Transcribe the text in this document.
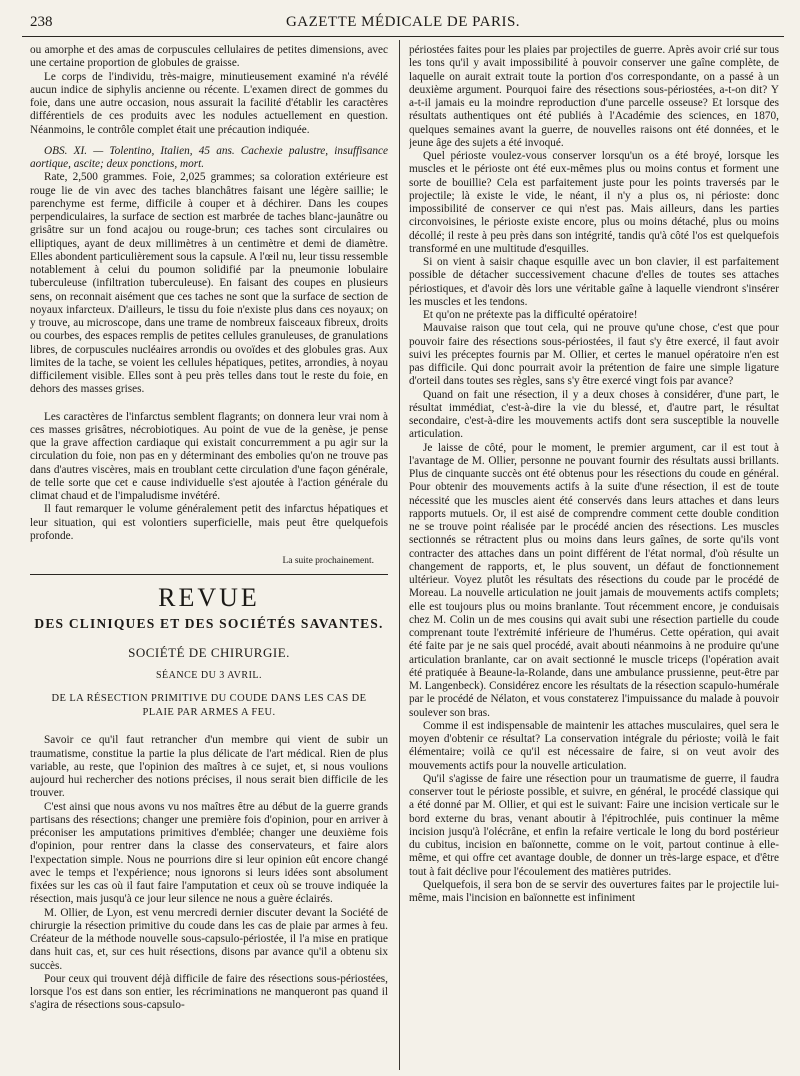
238	GAZETTE MÉDICALE DE PARIS.

ou amorphe et des amas de corpuscules cellulaires de petites dimensions, avec une certaine proportion de globules de graisse.

Le corps de l'individu, très-maigre, minutieusement examiné n'a révélé aucun indice de siphylis ancienne ou récente. L'examen direct de gommes du foie, dans une autre occasion, nous assurait la facilité d'établir les caractères différentiels de ces produits avec les nodules actuellement en question. Néanmoins, le contrôle complet était une précaution indiquée.

OBS. XI. — Tolentino, Italien, 45 ans. Cachexie palustre, insuffisance aortique, ascite; deux ponctions, mort.

Rate, 2,500 grammes. Foie, 2,025 grammes; sa coloration extérieure est rouge lie de vin avec des taches blanchâtres faisant une légère saillie; le parenchyme est ferme, difficile à couper et à déchirer. Dans les coupes perpendiculaires, la surface de section est marbrée de taches blanc-jaunâtre ou grisâtre sur un fond acajou ou rouge-brun; ces taches sont circulaires ou elliptiques, ayant de deux millimètres à un centimètre et demi de diamètre. Elles abondent particulièrement sous la capsule. A l'œil nu, leur tissu ressemble notablement à celui du poumon solidifié par la pneumonie lobulaire tuberculeuse (infiltration tuberculeuse). En faisant des coupes en plusieurs sens, on reconnait aisément que ces taches ne sont que la surface de section de noyaux infarcteux. D'ailleurs, le tissu du foie n'existe plus dans ces noyaux; on y trouve, au microscope, dans une trame de nombreux faisceaux fibreux, droits ou courbes, des espaces remplis de petites cellules granuleuses, de granulations libres, de corpuscules nucléaires arrondis ou ovoïdes et des globules gras. Aux limites de la tache, se voient les cellules hépatiques, petites, arrondies, à noyau difficilement visible. Elles sont à peu près telles dans tout le reste du foie, en dehors des masses grises.

Les caractères de l'infarctus semblent flagrants; on donnera leur vrai nom à ces masses grisâtres, nécrobiotiques. Au point de vue de la genèse, je pense que la grave affection cardiaque qui existait concurremment a pu agir sur la circulation du foie, non pas en y déterminant des embolies qu'on ne trouve pas dans d'autres viscères, mais en troublant cette circulation d'une façon générale, de telle sorte que cet e cause individuelle s'est ajoutée à l'action générale du climat chaud et de l'impaludisme invétéré.

Il faut remarquer le volume généralement petit des infarctus hépatiques et leur situation, qui est volontiers superficielle, mais peut être quelquefois profonde.

La suite prochainement.
REVUE
DES CLINIQUES ET DES SOCIÉTÉS SAVANTES.
SOCIÉTÉ DE CHIRURGIE.
SÉANCE DU 3 AVRIL.
DE LA RÉSECTION PRIMITIVE DU COUDE DANS LES CAS DE PLAIE PAR ARMES A FEU.

Savoir ce qu'il faut retrancher d'un membre qui vient de subir un traumatisme, constitue la partie la plus délicate de l'art médical. Rien de plus variable, au reste, que l'opinion des maîtres à ce sujet, et, si nous voulions aujourd hui rechercher des notions précises, il nous serait bien difficile de les trouver.

C'est ainsi que nous avons vu nos maîtres être au début de la guerre grands partisans des résections; changer une première fois d'opinion, pour en arriver à préconiser les amputations primitives d'emblée; changer une deuxième fois d'opinion, pour rentrer dans la classe des conservateurs, et faire alors l'expectation simple. Nous ne pourrions dire si leur opinion eût encore changé avec le temps et l'expérience; nous ignorons si leurs idées sont absolument fixées sur les cas où il faut faire l'amputation et ceux où se trouve indiquée la résection, mais jusqu'à ce jour leur silence ne nous a guère éclairés.

M. Ollier, de Lyon, est venu mercredi dernier discuter devant la Société de chirurgie la résection primitive du coude dans les cas de plaie par armes à feu. Créateur de la méthode nouvelle sous-capsulo-périostée, il l'a mise en pratique dans huit cas, et, sur ces huit résections, disons par avance qu'il a obtenu six succès.

Pour ceux qui trouvent déjà difficile de faire des résections sous-périostées, lorsque l'os est dans son entier, les récriminations ne manqueront pas quand il s'agira de résections sous-capsulo-

périostées faites pour les plaies par projectiles de guerre. Après avoir crié sur tous les tons qu'il y avait impossibilité à pouvoir conserver une gaîne complète, de laquelle on aurait extrait toute la portion d'os correspondante, on a passé à un deuxième argument. Pourquoi faire des résections sous-périostées, a-t-on dit? Y a-t-il jamais eu la moindre reproduction d'une parcelle osseuse? Et lorsque des résultats authentiques ont été publiés à l'Académie des sciences, en 1870, quelques semaines avant la guerre, de nouvelles raisons ont été données, et le jeune âge des sujets a été invoqué.

Quel périoste voulez-vous conserver lorsqu'un os a été broyé, lorsque les muscles et le périoste ont été eux-mêmes plus ou moins contus et forment une sorte de bouillie? Cela est parfaitement juste pour les points traversés par le projectile; là existe le vide, le néant, il n'y a plus os, ni périoste: donc impossibilité de conserver ce qui n'est pas. Mais ailleurs, dans les parties circonvoisines, le périoste existe encore, plus ou moins détaché, plus ou moins décollé; il reste à peu près dans son intégrité, tandis qu'à côté l'os est quelquefois transformé en une multitude d'esquilles.

Si on vient à saisir chaque esquille avec un bon clavier, il est parfaitement possible de détacher successivement chacune d'elles de toutes ses attaches périostiques, et d'avoir dès lors une véritable gaîne à laquelle viendront s'insérer les muscles et les tendons.

Et qu'on ne prétexte pas la difficulté opératoire!

Mauvaise raison que tout cela, qui ne prouve qu'une chose, c'est que pour pouvoir faire des résections sous-périostées, il faut s'y être exercé, il faut avoir suivi les préceptes fournis par M. Ollier, et certes le manuel opératoire n'en est pas difficile. Qui donc pourrait avoir la prétention de faire une simple ligature d'orteil dans toutes ses règles, sans s'y être exercé vingt fois par avance?

Quand on fait une résection, il y a deux choses à considérer, d'une part, le résultat immédiat, c'est-à-dire la vie du blessé, et, d'autre part, le résultat secondaire, c'est-à-dire les mouvements actifs dont sera susceptible la nouvelle articulation.

Je laisse de côté, pour le moment, le premier argument, car il est tout à l'avantage de M. Ollier, personne ne pouvant fournir des résultats aussi brillants. Plus de cinquante succès ont été obtenus pour les résections du coude en général. Pour obtenir des mouvements actifs à la suite d'une résection, il est de toute nécessité que les muscles aient été conservés dans leurs attaches et dans leurs rapports mutuels. Or, il est aisé de comprendre comment cette double condition ne se trouve point réalisée par le procédé ancien des résections. Les muscles sectionnés se rétractent plus ou moins dans leurs gaînes, de sorte qu'ils vont contracter des attaches dans un point différent de l'état normal, d'où résulte un changement de rapports, et, le plus souvent, un défaut de fonctionnement ultérieur. Voyez plutôt les résultats des résections du coude par le procédé de Moreau. La nouvelle articulation ne jouit jamais de mouvements actifs complets; elle est toujours plus ou moins branlante. Tout récemment encore, je conduisais chez M. Colin un de mes cousins qui avait subi une résection partielle du coude comprenant toute l'extrémité inférieure de l'humérus. Cette opération, qui avait été faite par je ne sais quel procédé, avait abouti néanmoins à ne produire qu'une articulation branlante, car on avait sectionné le muscle triceps (l'opération avait été pratiquée à Beaune-la-Rolande, dans une ambulance prussienne, peut-être par M. Langenbeck). Considérez encore les résultats de la résection scapulo-humérale par le procédé de Nélaton, et vous constaterez l'impuissance du malade à pouvoir soulever son bras.

Comme il est indispensable de maintenir les attaches musculaires, quel sera le moyen d'obtenir ce résultat? La conservation intégrale du périoste; voilà le fait élémentaire; voilà ce qu'il est nécessaire de faire, si on veut avoir des mouvements actifs pour la nouvelle articulation.

Qu'il s'agisse de faire une résection pour un traumatisme de guerre, il faudra conserver tout le périoste possible, et suivre, en général, le procédé classique qui a été donné par M. Ollier, et qui est le suivant: Faire une incision verticale sur le bord externe du bras, venant aboutir à l'épitrochlée, puis continuer la même incision jusqu'à l'olécrâne, et enfin la refaire verticale le long du bord postérieur du cubitus, incision en baïonnette, comme on le voit, partout continue à elle-même, et qui offre cet avantage double, de donner un très-large espace, et d'être tout à fait déclive pour l'écoulement des matières putrides.

Quelquefois, il sera bon de se servir des ouvertures faites par le projectile lui-même, mais l'incision en baïonnette est infiniment
